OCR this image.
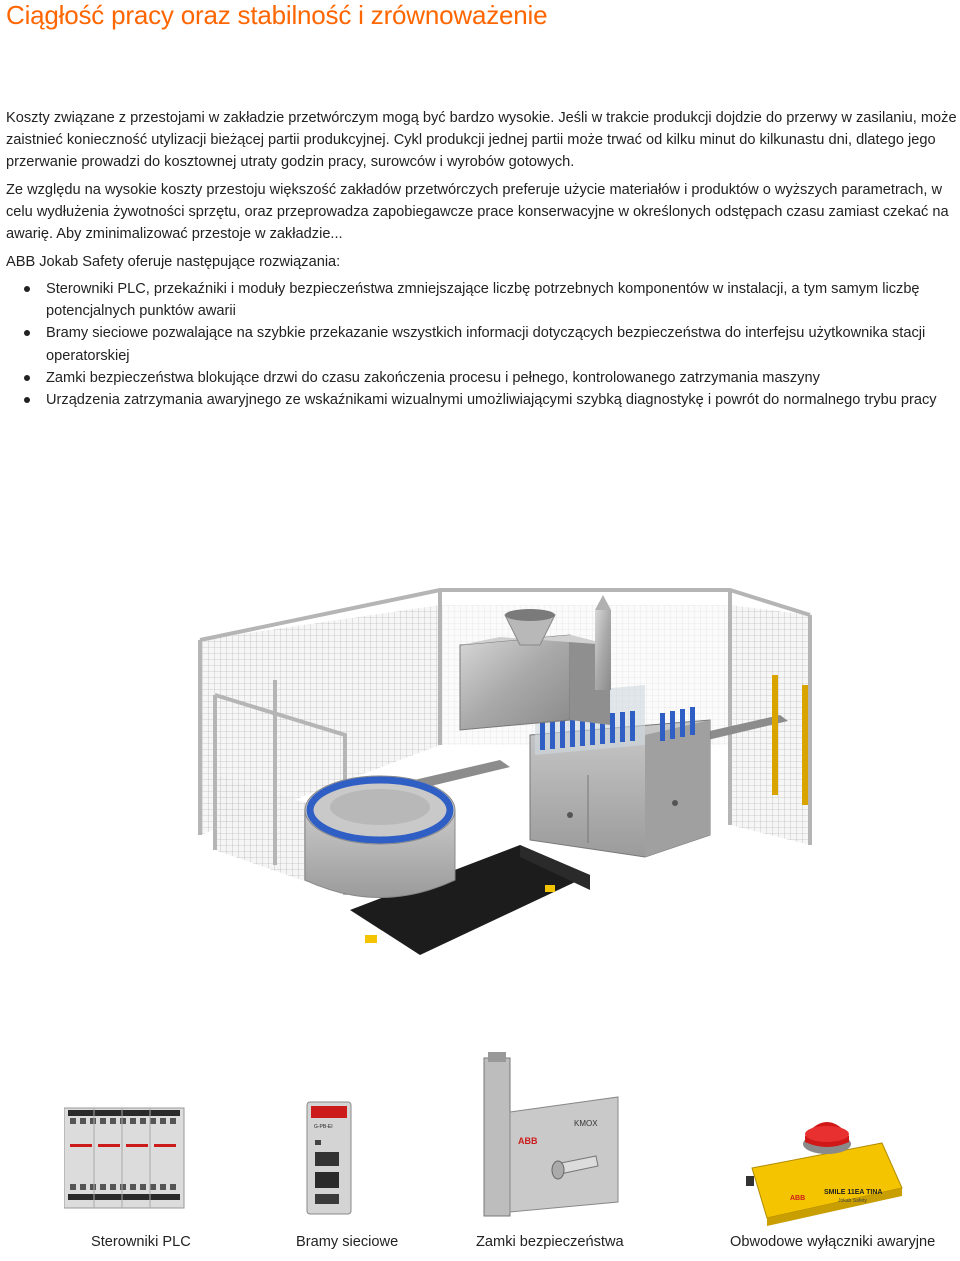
Ciągłość pracy oraz stabilność i zrównoważenie

Koszty związane z przestojami w zakładzie przetwórczym mogą być bardzo wysokie. Jeśli w trakcie produkcji dojdzie do przerwy w zasilaniu, może zaistnieć konieczność utylizacji bieżącej partii produkcyjnej. Cykl produkcji jednej partii może trwać od kilku minut do kilkunastu dni, dlatego jego przerwanie prowadzi do kosztownej utraty godzin pracy, surowców i wyrobów gotowych.

Ze względu na wysokie koszty przestoju większość zakładów przetwórczych preferuje użycie materiałów i produktów o wyższych parametrach, w celu wydłużenia żywotności sprzętu, oraz przeprowadza zapobiegawcze prace konserwacyjne w określonych odstępach czasu zamiast czekać na awarię. Aby zminimalizować przestoje w zakładzie...

ABB Jokab Safety oferuje następujące rozwiązania:

Sterowniki PLC, przekaźniki i moduły bezpieczeństwa zmniejszające liczbę potrzebnych komponentów w instalacji, a tym samym liczbę potencjalnych punktów awarii
Bramy sieciowe pozwalające na szybkie przekazanie wszystkich informacji dotyczących bezpieczeństwa do interfejsu użytkownika stacji operatorskiej
Zamki bezpieczeństwa blokujące drzwi do czasu zakończenia procesu i pełnego, kontrolowanego zatrzymania maszyny
Urządzenia zatrzymania awaryjnego ze wskaźnikami wizualnymi umożliwiającymi szybką diagnostykę i powrót do normalnego trybu pracy
G-PB-EI
ABB
KMOX
ABB
SMILE 11EA TINA
Jokab Safety
Sterowniki PLC	Bramy sieciowe	Zamki bezpieczeństwa	Obwodowe wyłączniki awaryjne
